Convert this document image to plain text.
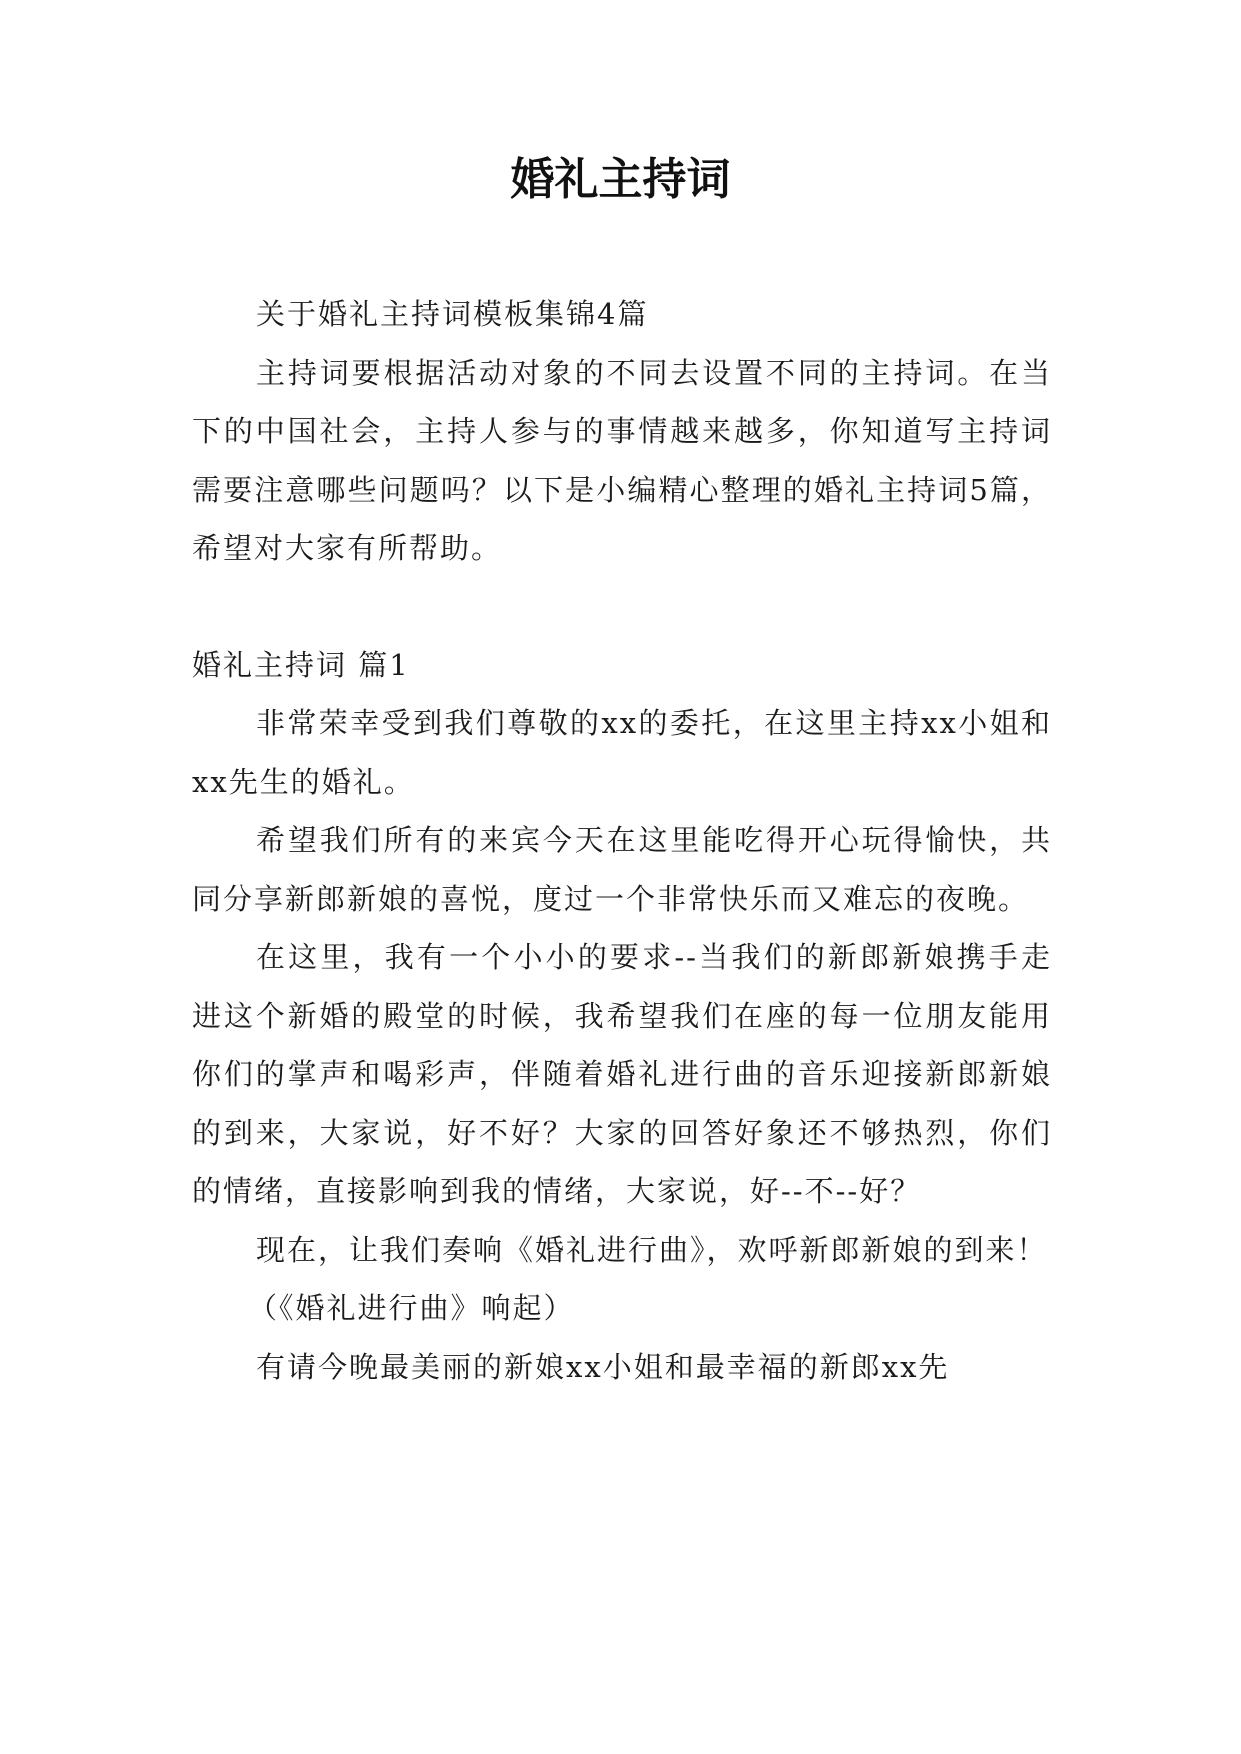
婚礼主持词

关于婚礼主持词模板集锦4篇

主持词要根据活动对象的不同去设置不同的主持词。在当下的中国社会，主持人参与的事情越来越多，你知道写主持词需要注意哪些问题吗？以下是小编精心整理的婚礼主持词5篇，希望对大家有所帮助。

婚礼主持词 篇1

非常荣幸受到我们尊敬的xx的委托，在这里主持xx小姐和xx先生的婚礼。

希望我们所有的来宾今天在这里能吃得开心玩得愉快，共同分享新郎新娘的喜悦，度过一个非常快乐而又难忘的夜晚。

在这里，我有一个小小的要求--当我们的新郎新娘携手走进这个新婚的殿堂的时候，我希望我们在座的每一位朋友能用你们的掌声和喝彩声，伴随着婚礼进行曲的音乐迎接新郎新娘的到来，大家说，好不好？大家的回答好象还不够热烈，你们的情绪，直接影响到我的情绪，大家说，好--不--好？

现在，让我们奏响《婚礼进行曲》，欢呼新郎新娘的到来！

（《婚礼进行曲》响起）

有请今晚最美丽的新娘xx小姐和最幸福的新郎xx先
